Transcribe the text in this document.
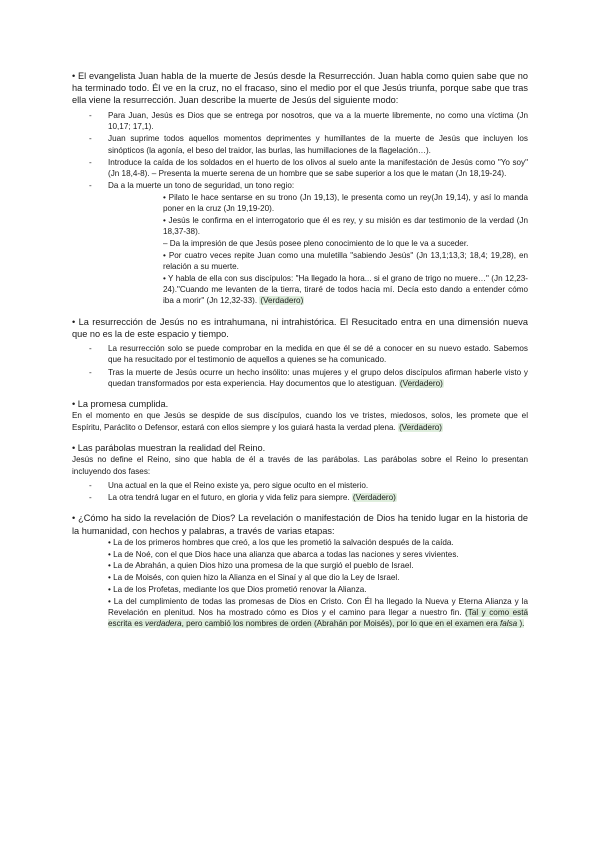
• El evangelista Juan habla de la muerte de Jesús desde la Resurrección. Juan habla como quien sabe que no ha terminado todo. Él ve en la cruz, no el fracaso, sino el medio por el que Jesús triunfa, porque sabe que tras ella viene la resurrección. Juan describe la muerte de Jesús del siguiente modo:

- Para Juan, Jesús es Dios que se entrega por nosotros, que va a la muerte libremente, no como una víctima (Jn 10,17; 17,1).
- Juan suprime todos aquellos momentos deprimentes y humillantes de la muerte de Jesús que incluyen los sinópticos (la agonía, el beso del traidor, las burlas, las humillaciones de la flagelación…).
- Introduce la caída de los soldados en el huerto de los olivos al suelo ante la manifestación de Jesús como "Yo soy" (Jn 18,4-8). – Presenta la muerte serena de un hombre que se sabe superior a los que le matan (Jn 18,19-24).
- Da a la muerte un tono de seguridad, un tono regio:
• Pilato le hace sentarse en su trono (Jn 19,13), le presenta como un rey(Jn 19,14), y así lo manda poner en la cruz (Jn 19,19-20).
• Jesús le confirma en el interrogatorio que él es rey, y su misión es dar testimonio de la verdad (Jn 18,37-38).
– Da la impresión de que Jesús posee pleno conocimiento de lo que le va a suceder.
• Por cuatro veces repite Juan como una muletilla "sabiendo Jesús" (Jn 13,1;13,3; 18,4; 19,28), en relación a su muerte.
• Y habla de ella con sus discípulos: "Ha llegado la hora... si el grano de trigo no muere…" (Jn 12,23-24)."Cuando me levanten de la tierra, tiraré de todos hacia mí. Decía esto dando a entender cómo iba a morir" (Jn 12,32-33). (Verdadero)

• La resurrección de Jesús no es intrahumana, ni intrahistórica. El Resucitado entra en una dimensión nueva que no es la de este espacio y tiempo.

- La resurrección solo se puede comprobar en la medida en que él se dé a conocer en su nuevo estado. Sabemos que ha resucitado por el testimonio de aquellos a quienes se ha comunicado.
- Tras la muerte de Jesús ocurre un hecho insólito: unas mujeres y el grupo delos discípulos afirman haberle visto y quedan transformados por esta experiencia. Hay documentos que lo atestiguan. (Verdadero)

• La promesa cumplida.

En el momento en que Jesús se despide de sus discípulos, cuando los ve tristes, miedosos, solos, les promete que el Espíritu, Paráclito o Defensor, estará con ellos siempre y los guiará hasta la verdad plena. (Verdadero)

• Las parábolas muestran la realidad del Reino.

Jesús no define el Reino, sino que habla de él a través de las parábolas. Las parábolas sobre el Reino lo presentan incluyendo dos fases:

- Una actual en la que el Reino existe ya, pero sigue oculto en el misterio.
- La otra tendrá lugar en el futuro, en gloria y vida feliz para siempre. (Verdadero)

• ¿Cómo ha sido la revelación de Dios? La revelación o manifestación de Dios ha tenido lugar en la historia de la humanidad, con hechos y palabras, a través de varias etapas:

• La de los primeros hombres que creó, a los que les prometió la salvación después de la caída.
• La de Noé, con el que Dios hace una alianza que abarca a todas las naciones y seres vivientes.
• La de Abrahán, a quien Dios hizo una promesa de la que surgió el pueblo de Israel.
• La de Moisés, con quien hizo la Alianza en el Sinaí y al que dio la Ley de Israel.
• La de los Profetas, mediante los que Dios prometió renovar la Alianza.
• La del cumplimiento de todas las promesas de Dios en Cristo. Con Él ha llegado la Nueva y Eterna Alianza y la Revelación en plenitud. Nos ha mostrado cómo es Dios y el camino para llegar a nuestro fin. (Tal y como está escrita es verdadera, pero cambió los nombres de orden (Abrahán por Moisés), por lo que en el examen era falsa ).
